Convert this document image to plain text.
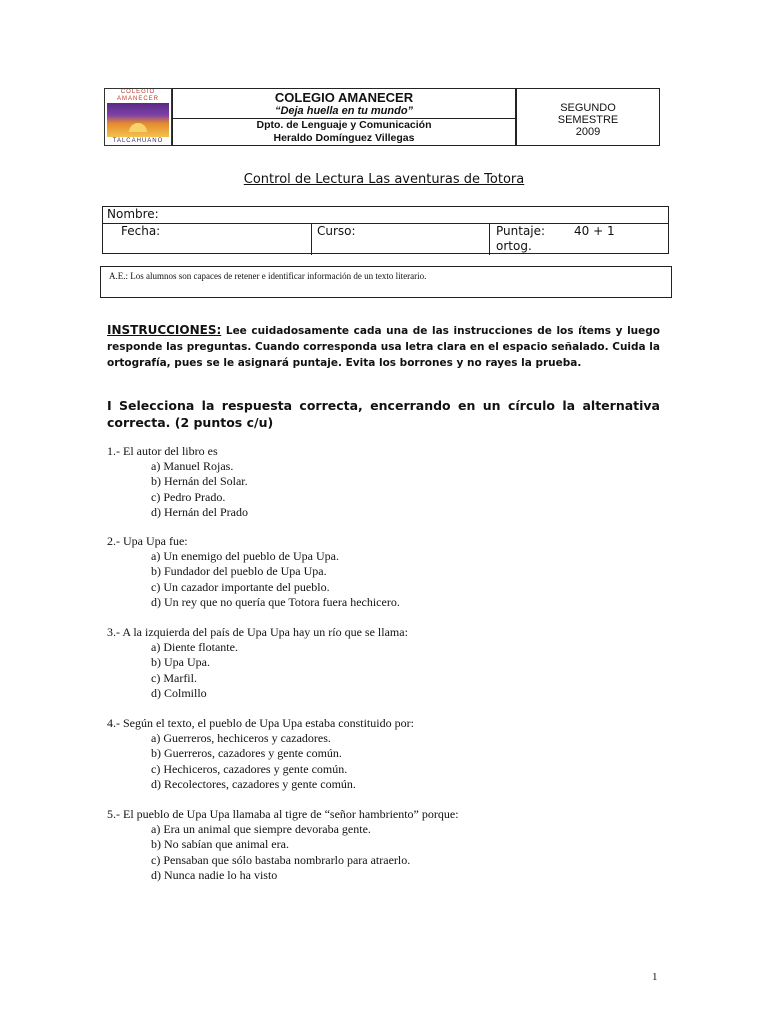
COLEGIO
AMANECER
TALCAHUANO
COLEGIO AMANECER
“Deja huella en tu mundo”
Dpto. de Lenguaje y Comunicación
Heraldo Domínguez Villegas
SEGUNDO
SEMESTRE
2009
Control de Lectura Las aventuras de Totora
Nombre:
Fecha:	Curso:	Puntaje: 40 + 1
ortog.
A.E.: Los alumnos son capaces de retener e identificar información de un texto literario.
INSTRUCCIONES: Lee cuidadosamente cada una de las instrucciones de los ítems y luego responde las preguntas. Cuando corresponda usa letra clara en el espacio señalado. Cuida la ortografía, pues se le asignará puntaje. Evita los borrones y no rayes la prueba.
I Selecciona la respuesta correcta, encerrando en un círculo la alternativa correcta. (2 puntos c/u)

1.- El autor del libro es

a) Manuel Rojas.

b) Hernán del Solar.

c) Pedro Prado.

d) Hernán del Prado

2.- Upa Upa fue:

a) Un enemigo del pueblo de Upa Upa.

b) Fundador del pueblo de Upa Upa.

c) Un cazador importante del pueblo.

d) Un rey que no quería que Totora fuera hechicero.

3.- A la izquierda del país de Upa Upa hay un río que se llama:

a) Diente flotante.

b) Upa Upa.

c) Marfil.

d) Colmillo

4.- Según el texto, el pueblo de Upa Upa estaba constituido por:

a) Guerreros, hechiceros y cazadores.

b) Guerreros, cazadores y gente común.

c) Hechiceros, cazadores y gente común.

d) Recolectores, cazadores y gente común.

5.- El pueblo de Upa Upa llamaba al tigre de “señor hambriento” porque:

a) Era un animal que siempre devoraba gente.

b) No sabían que animal era.

c) Pensaban que sólo bastaba nombrarlo para atraerlo.

d) Nunca nadie lo ha visto

1
